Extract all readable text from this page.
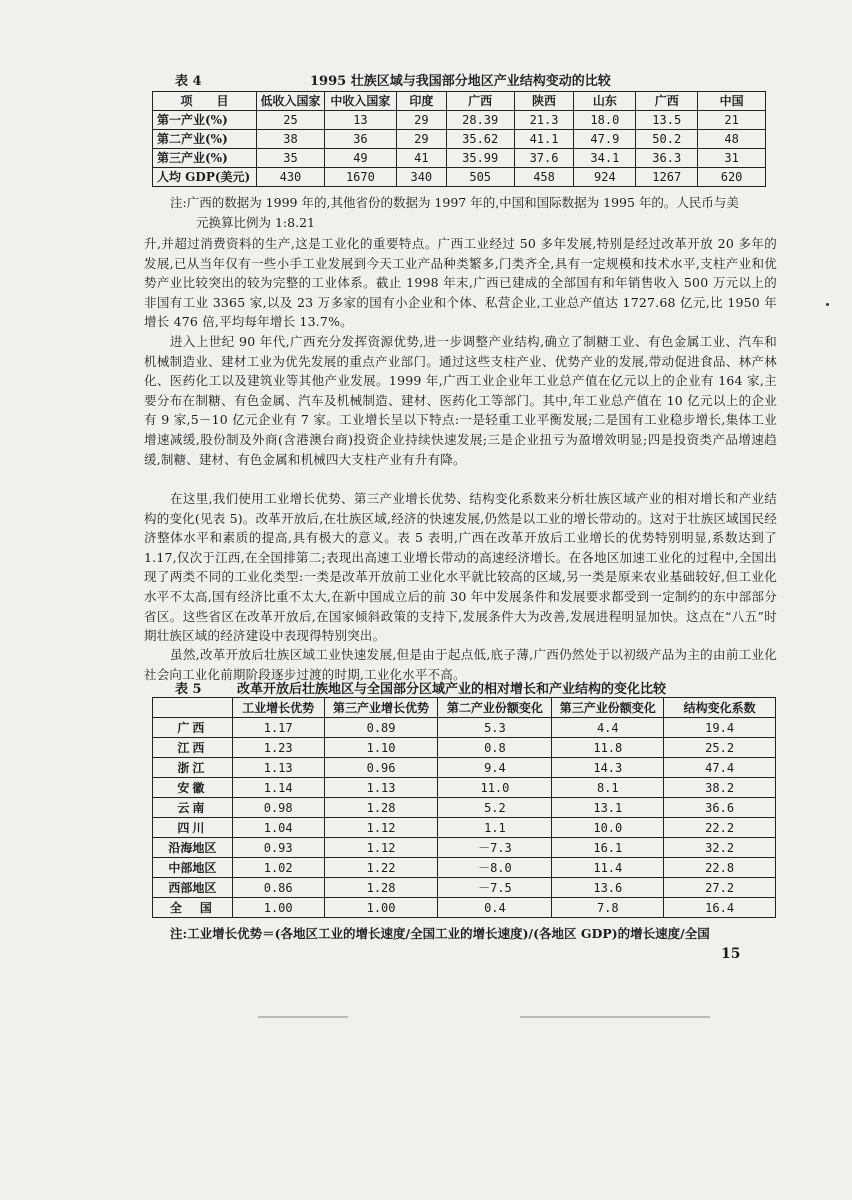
表 4	1995 壮族区域与我国部分地区产业结构变动的比较
项　　目	低收入国家	中收入国家	印度	广西	陕西	山东	广西	中国
第一产业(%)	25	13	29	28.39	21.3	18.0	13.5	21
第二产业(%)	38	36	29	35.62	41.1	47.9	50.2	48
第三产业(%)	35	49	41	35.99	37.6	34.1	36.3	31
人均 GDP(美元)	430	1670	340	505	458	924	1267	620
注:广西的数据为 1999 年的,其他省份的数据为 1997 年的,中国和国际数据为 1995 年的。人民币与美
元换算比例为 1:8.21
升,并超过消费资料的生产,这是工业化的重要特点。广西工业经过 50 多年发展,特别是经过改革开放 20 多年的发展,已从当年仅有一些小手工业发展到今天工业产品种类繁多,门类齐全,具有一定规模和技术水平,支柱产业和优势产业比较突出的较为完整的工业体系。截止 1998 年末,广西已建成的全部国有和年销售收入 500 万元以上的非国有工业 3365 家,以及 23 万多家的国有小企业和个体、私营企业,工业总产值达 1727.68 亿元,比 1950 年增长 476 倍,平均每年增长 13.7%。
进入上世纪 90 年代,广西充分发挥资源优势,进一步调整产业结构,确立了制糖工业、有色金属工业、汽车和机械制造业、建材工业为优先发展的重点产业部门。通过这些支柱产业、优势产业的发展,带动促进食品、林产林化、医药化工以及建筑业等其他产业发展。1999 年,广西工业企业年工业总产值在亿元以上的企业有 164 家,主要分布在制糖、有色金属、汽车及机械制造、建材、医药化工等部门。其中,年工业总产值在 10 亿元以上的企业有 9 家,5－10 亿元企业有 7 家。工业增长呈以下特点:一是轻重工业平衡发展;二是国有工业稳步增长,集体工业增速减缓,股份制及外商(含港澳台商)投资企业持续快速发展;三是企业扭亏为盈增效明显;四是投资类产品增速趋缓,制糖、建材、有色金属和机械四大支柱产业有升有降。
在这里,我们使用工业增长优势、第三产业增长优势、结构变化系数来分析壮族区域产业的相对增长和产业结构的变化(见表 5)。改革开放后,在壮族区域,经济的快速发展,仍然是以工业的增长带动的。这对于壮族区域国民经济整体水平和素质的提高,具有极大的意义。表 5 表明,广西在改革开放后工业增长的优势特别明显,系数达到了 1.17,仅次于江西,在全国排第二;表现出高速工业增长带动的高速经济增长。在各地区加速工业化的过程中,全国出现了两类不同的工业化类型:一类是改革开放前工业化水平就比较高的区域,另一类是原来农业基础较好,但工业化水平不太高,国有经济比重不太大,在新中国成立后的前 30 年中发展条件和发展要求都受到一定制约的东中部部分省区。这些省区在改革开放后,在国家倾斜政策的支持下,发展条件大为改善,发展进程明显加快。这点在“八五”时期壮族区域的经济建设中表现得特别突出。
虽然,改革开放后壮族区域工业快速发展,但是由于起点低,底子薄,广西仍然处于以初级产品为主的由前工业化社会向工业化前期阶段逐步过渡的时期,工业化水平不高。
表 5	改革开放后壮族地区与全国部分区域产业的相对增长和产业结构的变化比较
	工业增长优势	第三产业增长优势	第二产业份额变化	第三产业份额变化	结构变化系数
广西	1.17	0.89	5.3	4.4	19.4
江西	1.23	1.10	0.8	11.8	25.2
浙江	1.13	0.96	9.4	14.3	47.4
安徽	1.14	1.13	11.0	8.1	38.2
云南	0.98	1.28	5.2	13.1	36.6
四川	1.04	1.12	1.1	10.0	22.2
沿海地区	0.93	1.12	－7.3	16.1	32.2
中部地区	1.02	1.22	－8.0	11.4	22.8
西部地区	0.86	1.28	－7.5	13.6	27.2
全　国	1.00	1.00	0.4	7.8	16.4
注:工业增长优势＝(各地区工业的增长速度/全国工业的增长速度)/(各地区 GDP)的增长速度/全国
15
